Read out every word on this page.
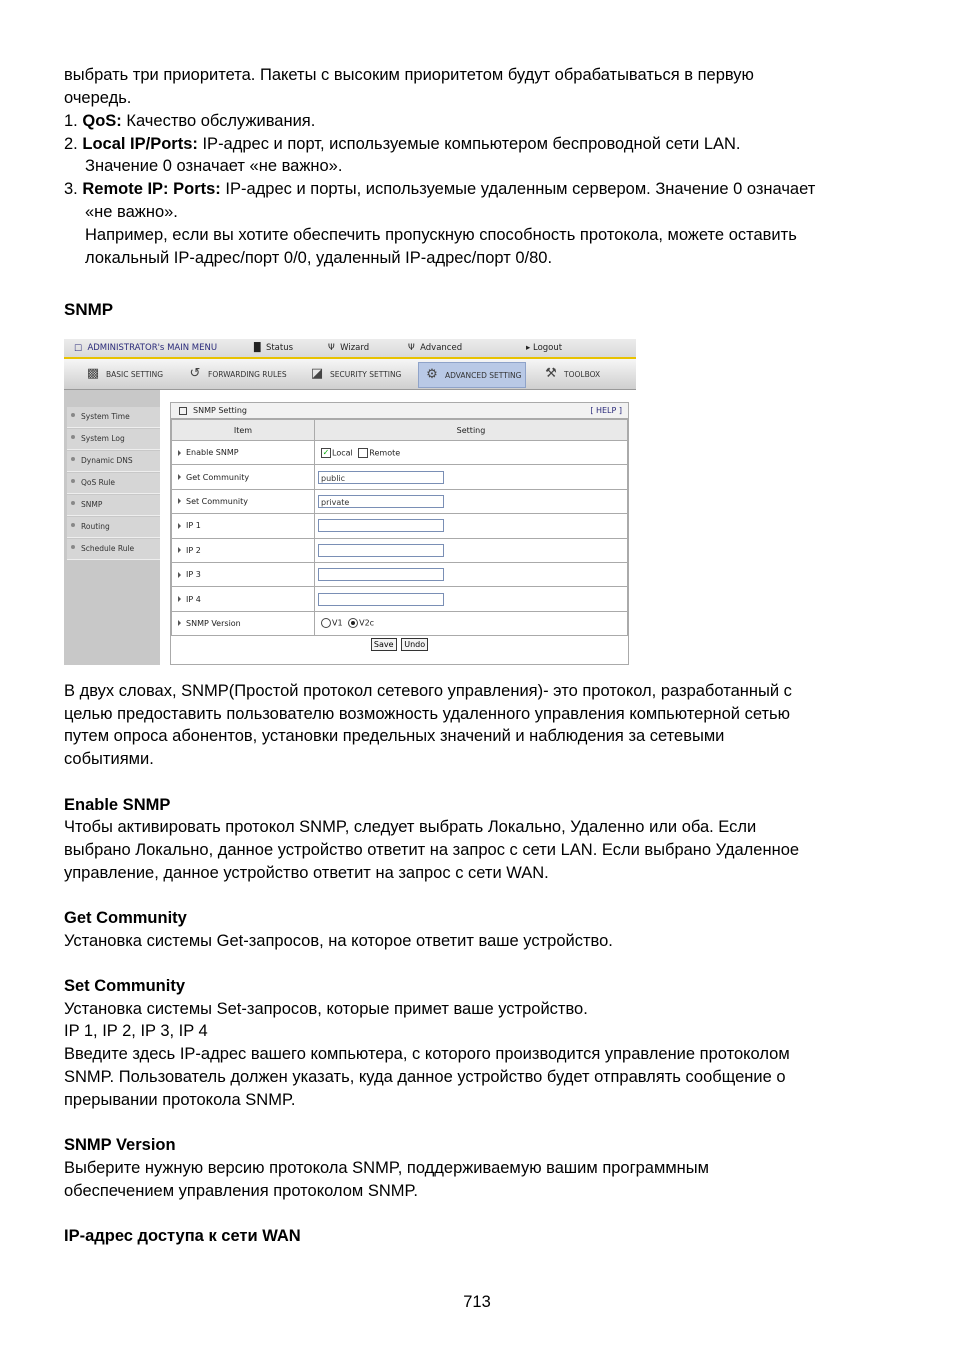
выбрать три приоритета. Пакеты с высоким приоритетом будут обрабатываться в первую
очередь.
1. QoS: Качество обслуживания.
2. Local IP/Ports: IP-адрес и порт, используемые компьютером беспроводной сети LAN.
Значение 0 означает «не важно».
3. Remote IP: Ports: IP-адрес и порты, используемые удаленным сервером. Значение 0 означает
«не важно».
Например, если вы хотите обеспечить пропускную способность протокола, можете оставить
локальный IP-адрес/порт 0/0, удаленный IP-адрес/порт 0/80.
SNMP
□  ADMINISTRATOR's MAIN MENU	█ Status	Ψ Wizard	Ψ Advanced	▸ Logout
▩ BASIC SETTING ↺	FORWARDING RULES ◪ SECURITY SETTING ⚙ ADVANCED SETTING ⚒ TOOLBOX
System Time
System Log
Dynamic DNS
QoS Rule
SNMP
Routing
Schedule Rule
SNMP Setting	[ HELP ]
Item	Setting
Enable SNMP	✓ Local Remote
Get Community	public
Set Community	private
IP 1	
IP 2	
IP 3	
IP 4	
SNMP Version	V1 V2c
Save Undo
В двух словах, SNMP(Простой протокол сетевого управления)- это протокол, разработанный с
целью предоставить пользователю возможность удаленного управления компьютерной сетью
путем опроса абонентов, установки предельных значений и наблюдения за сетевыми
событиями.
Enable SNMP
Чтобы активировать протокол SNMP, следует выбрать Локально, Удаленно или оба. Если
выбрано Локально, данное устройство ответит на запрос с сети LAN. Если выбрано Удаленное
управление, данное устройство ответит на запрос с сети WAN.
Get Community
Установка системы Get-запросов, на которое ответит ваше устройство.
Set Community
Установка системы Set-запросов, которые примет ваше устройство.
IP 1, IP 2, IP 3, IP 4
Введите здесь IP-адрес вашего компьютера, с которого производится управление протоколом
SNMP. Пользователь должен указать, куда данное устройство будет отправлять сообщение о
прерывании протокола SNMP.
SNMP Version
Выберите нужную версию протокола SNMP, поддерживаемую вашим программным
обеспечением управления протоколом SNMP.
IP-адрес доступа к сети WAN
713
